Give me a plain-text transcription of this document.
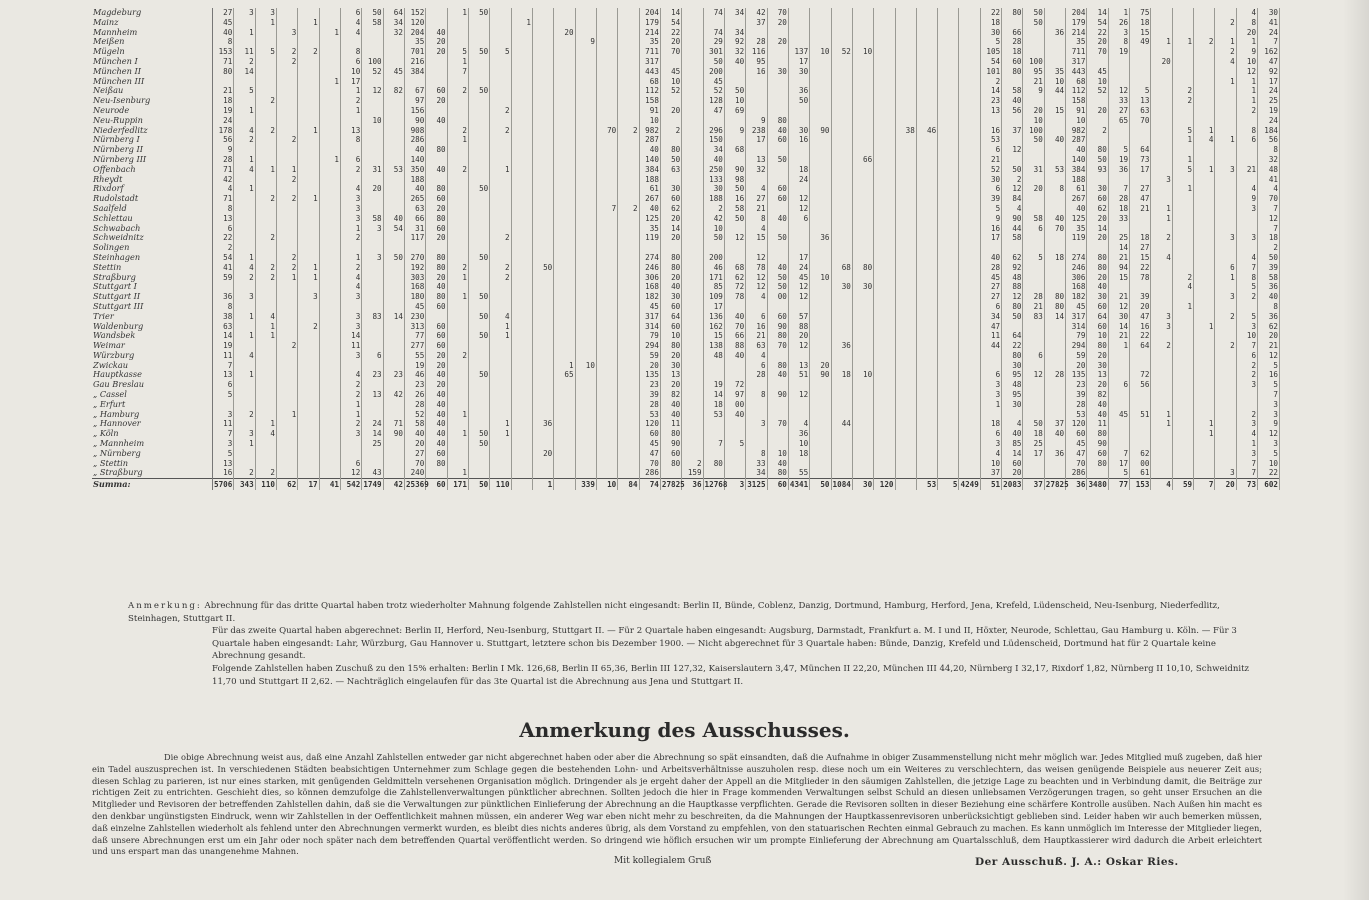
Magdeburg	27	3	3				6	50	64	152		1	50								204	14		74	34	42	70										22	80	50		204	14	1	75					4	30
Mainz	45		1		1		4	58	34	120					1						179	54				37	20										18		50		179	54	26	18				2	8	41
Mannheim	40	1		3		1	4		32	204	40						20				214	22		74	34												30	66		36	214	22	3	15					20	24
Meißen	8									35	20							9			35	20		29	92	28	20										5	28			35	20	8	49	1	1	2	1	1	7
Mügeln	153	11	5	2	2		8			701	20	5	50	5							711	70		301	32	116		137	10	52	10						105	18			711	70	19					2	9	162
München I	71	2		2			6	100		216		1									317			50	40	95		17									54	60	100		317				20			4	10	47
München II	80	14					10	52	45	384		7									443	45		200		16	30	30									101	80	95	35	443	45							12	92
München III						1	17														68	10		45													2		21	10	68	10						1	1	17
Neißau	21	5					1	12	82	67	60	2	50								112	52		52	50			36									14	58	9	44	112	52	12	5		2			1	24
Neu-Isenburg	18		2				2			97	20										158			128	10			50									23	40			158		33	13		2			1	25
Neurode	19	1					1			156				2							91	20		47	69												13	56	20	15	91	20	27	63					2	19
Neu-Ruppin	24							10		90	40										10					9	80												10		10		65	70						24
Niederfedlitz	178	4	2		1		13			908		2		2					70	2	982	2		296	9	238	40	30	90				38	46			16	37	100		982	2				5	1		8	184
Nürnberg I	56	2		2			8			286		1									287			150		17	60	16									53		50	40	287					1	4	1	6	56
Nürnberg II	9									40	80										40	80		34	68												6	12			40	80	5	64						8
Nürnberg III	28	1				1	6			140											140	50		40		13	50				66						21				140	50	19	73		1				32
Offenbach	71	4	1	1			2	31	53	350	40	2		1							384	63		250	90	32		18									52	50	31	53	384	93	36	17		5	1	3	21	48
Rheydt	42			2						188											188			133	98			24									30	2			188				3					41
Rixdorf	4	1					4	20		40	80		50								61	30		30	50	4	60										6	12	20	8	61	30	7	27		1			4	4
Rudolstadt	71		2	2	1		3			265	60										267	60		188	16	27	60	12									39	84			267	60	28	47					9	70
Saalfeld	8						3			63	20								7	2	40	62		2	58	21		12									5	4			40	62	18	21	1				3	7
Schlettau	13						3	58	40	66	80										125	20		42	50	8	40	6									9	90	58	40	125	20	33		1					12
Schwabach	6						1	3	54	31	60										35	14		10		4											16	44	6	70	35	14								7
Schweidnitz	22		2				2			117	20			2							119	20		50	12	15	50		36								17	58			119	20	25	18	2			3	3	18
Solingen	2																																										14	27						2
Steinhagen	54	1		2			1	3	50	270	80		50								274	80		200		12		17									40	62	5	18	274	80	21	15	4				4	50
Stettin	41	4	2	2	1		2			192	80	2		2		50					246	80		46	68	78	40	24		68	80						28	92			246	80	94	22				6	7	39
Straßburg	59	2	2	1	1		4			303	20	1		2							306	20		171	62	12	50	45	10								45	48			306	20	15	78		2		1	8	58
Stuttgart I							4			168	40										168	40		85	72	12	50	12		30	30						27	88			168	40				4			5	36
Stuttgart II	36	3			3		3			180	80	1	50								182	30		109	78	4	00	12									27	12	28	80	182	30	21	39				3	2	40
Stuttgart III	8									45	60										45	60		17													6	80	21	80	45	60	12	20		1				8
Trier	38	1	4				3	83	14	230			50	4							317	64		136	40	6	60	57									34	50	83	14	317	64	30	47	3			2	5	36
Waldenburg	63		1		2		3			313	60			1							314	60		162	70	16	90	88									47				314	60	14	16	3		1		3	62
Wandsbek	14	1	1				14			77	60		50	1							79	10		15	66	21	80	20									11	64			79	10	21	22					10	20
Weimar	19			2			11			277	60										294	80		138	88	63	70	12		36							44	22			294	80	1	64	2			2	7	21
Würzburg	11	4					3	6		55	20	2									59	20		48	40	4												80	6		59	20							6	12
Zwickau	7									19	20						1	10			20	30				6	80	13	20									30			20	30							2	5
Hauptkasse	13	1					4	23	23	46	40		50				65				135	13				28	40	51	90	18	10						6	95	12	28	135	13		72					2	16
Gau Breslau	6						2			23	20										23	20		19	72												3	48			23	20	6	56					3	5
„ Cassel	5						2	13	42	26	40										39	82		14	97	8	90	12									3	95			39	82								7
„ Erfurt							1			28	40										28	40		18	00												1	30			28	40								3
„ Hamburg	3	2		1			1			52	40	1									53	40		53	40																53	40	45	51	1				2	3
„ Hannover	11		1				2	24	71	58	40			1		36					120	11				3	70	4		44							18	4	50	37	120	11			1		1		3	9
„ Köln	7	3	4				3	14	90	40	40	1	50	1							60	80						36									6	40	18	40	60	80					1		4	12
„ Mannheim	3	1						25		20	40		50								45	90		7	5			10									3	85	25		45	90							1	3
„ Nürnberg	5									27	60					20					47	60				8	10	18									4	14	17	36	47	60	7	62					3	5
„ Stettin	13						6			70	80										70	80	2	80		33	40										10	60			70	80	17	00					7	10
„ Straßburg	16	2	2				12	43		240		1									286		159			34	80	55									37	20			286		5	61				3	7	22
Summa:	5706	343	110	62	17	41	542	1749	42	25369	60	171	50	110		1		339	10	84	74	27825	36	12768	3	3125	60	4341	50	1084	30	120		53	5	4249	51	2083	37	27825	36	3480	77	153	4	59	7	20	73	602

Anmerkung: Abrechnung für das dritte Quartal haben trotz wiederholter Mahnung folgende Zahlstellen nicht eingesandt: Berlin II, Bünde, Coblenz, Danzig, Dortmund, Hamburg, Herford, Jena, Krefeld, Lüdenscheid, Neu-Isenburg, Niederfedlitz, Steinhagen, Stuttgart II.

Für das zweite Quartal haben abgerechnet: Berlin II, Herford, Neu-Isenburg, Stuttgart II. — Für 2 Quartale haben eingesandt: Augsburg, Darmstadt, Frankfurt a. M. I und II, Höxter, Neurode, Schlettau, Gau Hamburg u. Köln. — Für 3 Quartale haben eingesandt: Lahr, Würzburg, Gau Hannover u. Stuttgart, letztere schon bis Dezember 1900. — Nicht abgerechnet für 3 Quartale haben: Bünde, Danzig, Krefeld und Lüdenscheid, Dortmund hat für 2 Quartale keine Abrechnung gesandt.

Folgende Zahlstellen haben Zuschuß zu den 15% erhalten: Berlin I Mk. 126,68, Berlin II 65,36, Berlin III 127,32, Kaiserslautern 3,47, München II 22,20, München III 44,20, Nürnberg I 32,17, Rixdorf 1,82, Nürnberg II 10,10, Schweidnitz 11,70 und Stuttgart II 2,62. — Nachträglich eingelaufen für das 3te Quartal ist die Abrechnung aus Jena und Stuttgart II.

Anmerkung des Ausschusses.

Die obige Abrechnung weist aus, daß eine Anzahl Zahlstellen entweder gar nicht abgerechnet haben oder aber die Abrechnung so spät einsandten, daß die Aufnahme in obiger Zusammenstellung nicht mehr möglich war. Jedes Mitglied muß zugeben, daß hier ein Tadel auszusprechen ist. In verschiedenen Städten beabsichtigen Unternehmer zum Schlage gegen die bestehenden Lohn- und Arbeitsverhältnisse auszuholen resp. diese noch um ein Weiteres zu verschlechtern, das weisen genügende Beispiele aus neuerer Zeit aus; diesen Schlag zu parieren, ist nur eines starken, mit genügenden Geldmitteln versehenen Organisation möglich. Dringender als je ergeht daher der Appell an die Mitglieder in den säumigen Zahlstellen, die jetzige Lage zu beachten und in Verbindung damit, die Beiträge zur richtigen Zeit zu entrichten. Geschieht dies, so können demzufolge die Zahlstellenverwaltungen pünktlicher abrechnen. Sollten jedoch die hier in Frage kommenden Verwaltungen selbst Schuld an diesen unliebsamen Verzögerungen tragen, so geht unser Ersuchen an die Mitglieder und Revisoren der betreffenden Zahlstellen dahin, daß sie die Verwaltungen zur pünktlichen Einlieferung der Abrechnung an die Hauptkasse verpflichten. Gerade die Revisoren sollten in dieser Beziehung eine schärfere Kontrolle ausüben. Nach Außen hin macht es den denkbar ungünstigsten Eindruck, wenn wir Zahlstellen in der Oeffentlichkeit mahnen müssen, ein anderer Weg war eben nicht mehr zu beschreiten, da die Mahnungen der Hauptkassenrevisoren unberücksichtigt geblieben sind. Leider haben wir auch bemerken müssen, daß einzelne Zahlstellen wiederholt als fehlend unter den Abrechnungen vermerkt wurden, es bleibt dies nichts anderes übrig, als dem Vorstand zu empfehlen, von den statuarischen Rechten einmal Gebrauch zu machen. Es kann unmöglich im Interesse der Mitglieder liegen, daß unsere Abrechnungen erst um ein Jahr oder noch später nach dem betreffenden Quartal veröffentlicht werden. So dringend wie höflich ersuchen wir um prompte Einlieferung der Abrechnung am Quartalsschluß, dem Hauptkassierer wird dadurch die Arbeit erleichtert und uns erspart man das unangenehme Mahnen.

Mit kollegialem Gruß	Der Ausschuß. J. A.: Oskar Ries.
